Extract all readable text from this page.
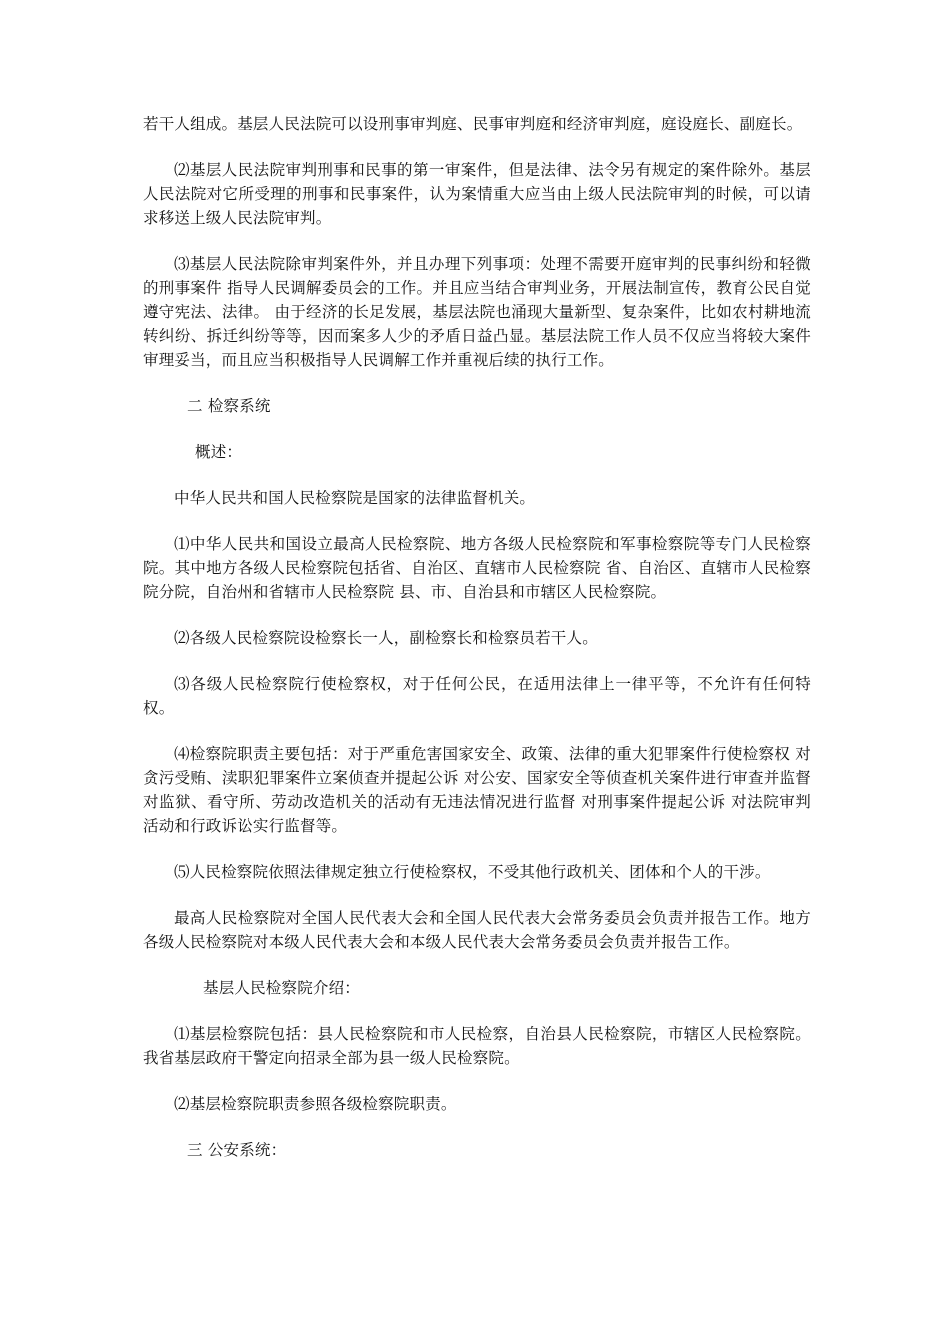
若干人组成。基层人民法院可以设刑事审判庭、民事审判庭和经济审判庭，庭设庭长、副庭长。

⑵基层人民法院审判刑事和民事的第一审案件，但是法律、法令另有规定的案件除外。基层人民法院对它所受理的刑事和民事案件，认为案情重大应当由上级人民法院审判的时候，可以请求移送上级人民法院审判。

⑶基层人民法院除审判案件外，并且办理下列事项：处理不需要开庭审判的民事纠纷和轻微的刑事案件 指导人民调解委员会的工作。并且应当结合审判业务，开展法制宣传，教育公民自觉遵守宪法、法律。 由于经济的长足发展，基层法院也涌现大量新型、复杂案件，比如农村耕地流转纠纷、拆迁纠纷等等，因而案多人少的矛盾日益凸显。基层法院工作人员不仅应当将较大案件审理妥当，而且应当积极指导人民调解工作并重视后续的执行工作。

二 检察系统

概述：

中华人民共和国人民检察院是国家的法律监督机关。

⑴中华人民共和国设立最高人民检察院、地方各级人民检察院和军事检察院等专门人民检察院。其中地方各级人民检察院包括省、自治区、直辖市人民检察院 省、自治区、直辖市人民检察院分院，自治州和省辖市人民检察院 县、市、自治县和市辖区人民检察院。

⑵各级人民检察院设检察长一人，副检察长和检察员若干人。

⑶各级人民检察院行使检察权，对于任何公民，在适用法律上一律平等，不允许有任何特权。

⑷检察院职责主要包括：对于严重危害国家安全、政策、法律的重大犯罪案件行使检察权 对贪污受贿、渎职犯罪案件立案侦查并提起公诉 对公安、国家安全等侦查机关案件进行审查并监督 对监狱、看守所、劳动改造机关的活动有无违法情况进行监督 对刑事案件提起公诉 对法院审判活动和行政诉讼实行监督等。

⑸人民检察院依照法律规定独立行使检察权，不受其他行政机关、团体和个人的干涉。

最高人民检察院对全国人民代表大会和全国人民代表大会常务委员会负责并报告工作。地方各级人民检察院对本级人民代表大会和本级人民代表大会常务委员会负责并报告工作。

基层人民检察院介绍：

⑴基层检察院包括：县人民检察院和市人民检察，自治县人民检察院，市辖区人民检察院。我省基层政府干警定向招录全部为县一级人民检察院。

⑵基层检察院职责参照各级检察院职责。

三 公安系统：
